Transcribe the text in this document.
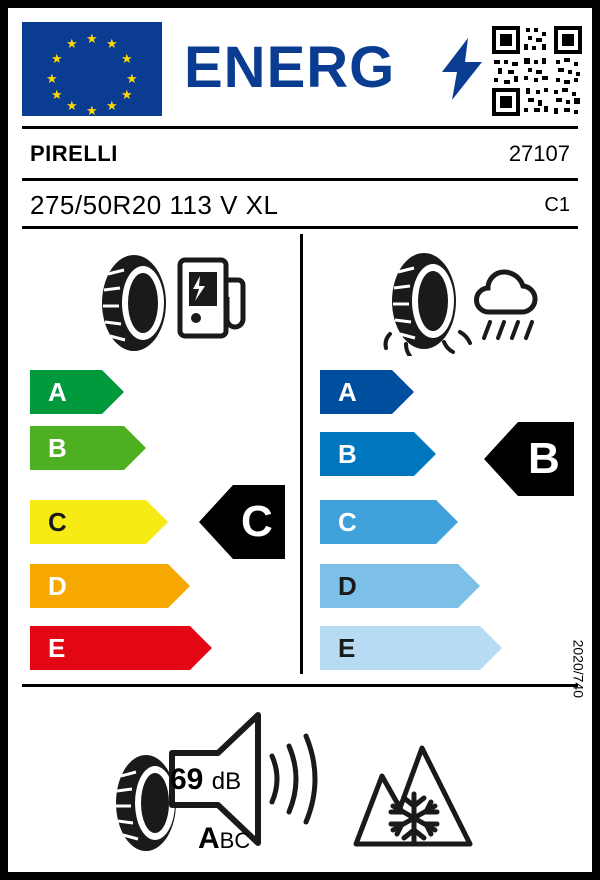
★ ★
★
★
★
★
★
★
★
★
★
★ ENERG
PIRELLI	27107
275/50R20 113 V XL	C1
A
B
C
D
E
C
A
B
C
D
E
B
69 dB
ABC
2020/740
